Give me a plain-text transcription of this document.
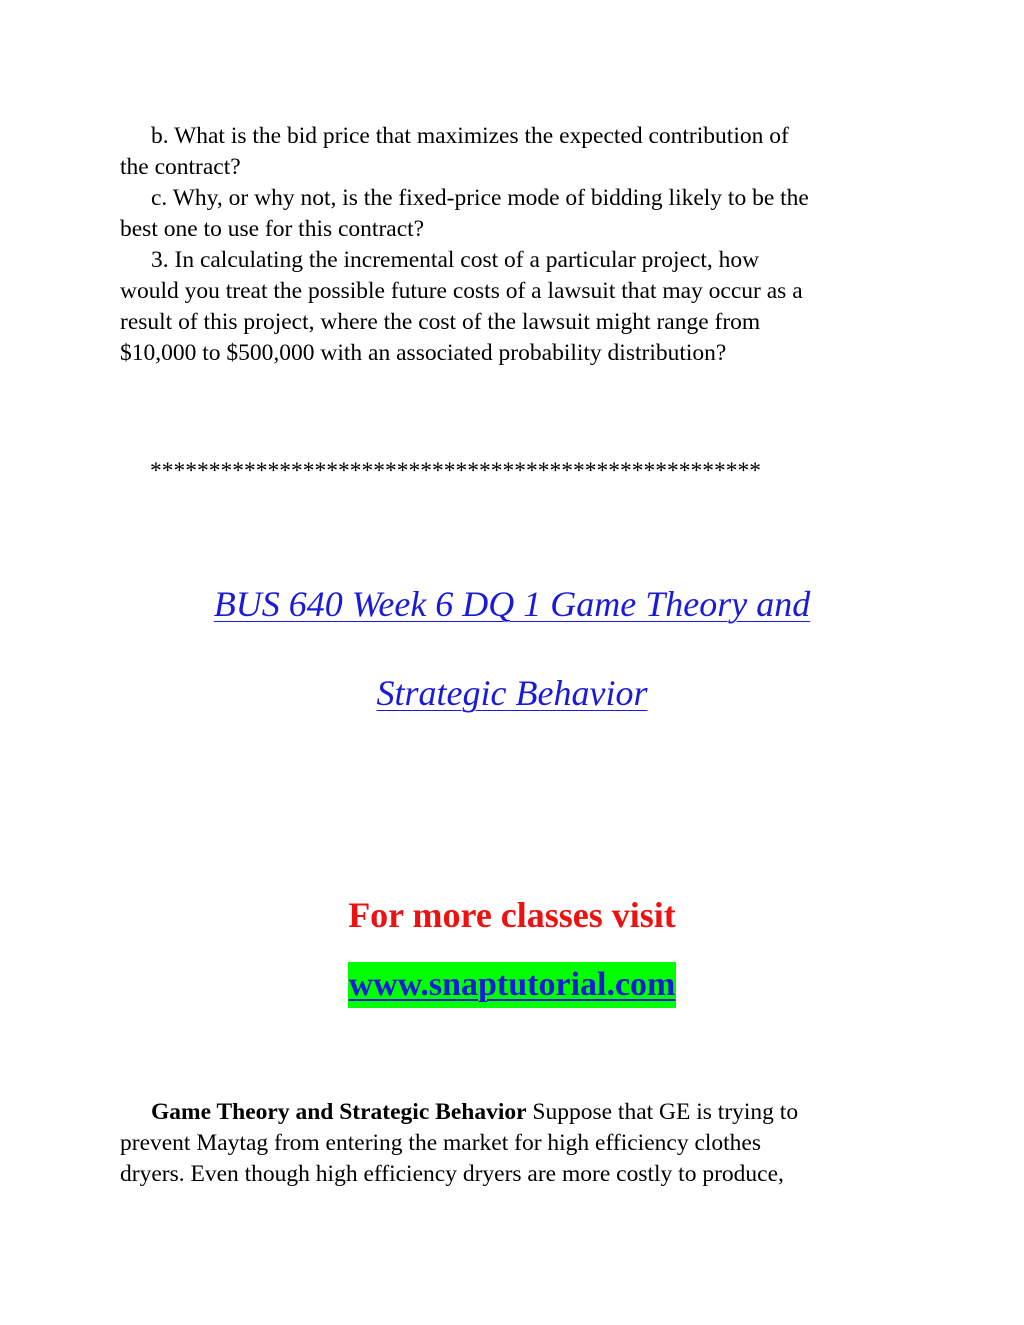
b. What is the bid price that maximizes the expected contribution of
the contract?
c. Why, or why not, is the fixed-price mode of bidding likely to be the
best one to use for this contract?
3. In calculating the incremental cost of a particular project, how
would you treat the possible future costs of a lawsuit that may occur as a
result of this project, where the cost of the lawsuit might range from
$10,000 to $500,000 with an associated probability distribution?
****************************************************
BUS 640 Week 6 DQ 1 Game Theory and
Strategic Behavior
For more classes visit
www.snaptutorial.com
Game Theory and Strategic Behavior Suppose that GE is trying to
prevent Maytag from entering the market for high efficiency clothes
dryers. Even though high efficiency dryers are more costly to produce,
